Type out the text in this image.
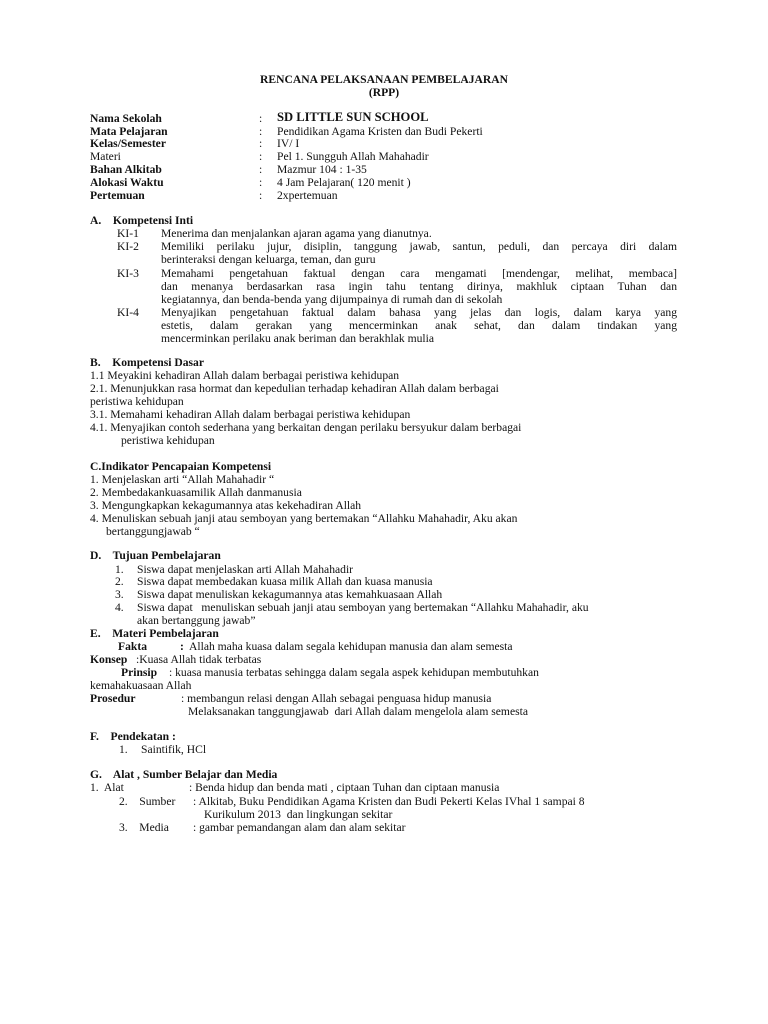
RENCANA PELAKSANAAN PEMBELAJARAN
(RPP)
Nama Sekolah	: SD LITTLE SUN SCHOOL
Mata Pelajaran	: Pendidikan Agama Kristen dan Budi Pekerti
Kelas/Semester	: IV/ I
Materi	: Pel 1. Sungguh Allah Mahahadir
Bahan Alkitab	: Mazmur 104 : 1-35
Alokasi Waktu	: 4 Jam Pelajaran( 120 menit )
Pertemuan	: 2xpertemuan
A.    Kompetensi Inti
KI-1 Menerima dan menjalankan ajaran agama yang dianutnya.
KI-2 Memiliki perilaku jujur, disiplin, tanggung jawab, santun, peduli, dan percaya diri dalam
berinteraksi dengan keluarga, teman, dan guru
KI-3 Memahami pengetahuan faktual dengan cara mengamati [mendengar, melihat, membaca]
dan menanya berdasarkan rasa ingin tahu tentang dirinya, makhluk ciptaan Tuhan dan
kegiatannya, dan benda-benda yang dijumpainya di rumah dan di sekolah
KI-4 Menyajikan pengetahuan faktual dalam bahasa yang jelas dan logis, dalam karya yang
estetis, dalam gerakan yang mencerminkan anak sehat, dan dalam tindakan yang
mencerminkan perilaku anak beriman dan berakhlak mulia
B.    Kompetensi Dasar
1.1 Meyakini kehadiran Allah dalam berbagai peristiwa kehidupan
2.1. Menunjukkan rasa hormat dan kepedulian terhadap kehadiran Allah dalam berbagai
peristiwa kehidupan
3.1. Memahami kehadiran Allah dalam berbagai peristiwa kehidupan
4.1. Menyajikan contoh sederhana yang berkaitan dengan perilaku bersyukur dalam berbagai
peristiwa kehidupan
C.Indikator Pencapaian Kompetensi
1. Menjelaskan arti “Allah Mahahadir “
2. Membedakankuasamilik Allah danmanusia
3. Mengungkapkan kekagumannya atas kekehadiran Allah
4. Menuliskan sebuah janji atau semboyan yang bertemakan “Allahku Mahahadir, Aku akan
bertanggungjawab “
D.    Tujuan Pembelajaran
1. Siswa dapat menjelaskan arti Allah Mahahadir
2. Siswa dapat membedakan kuasa milik Allah dan kuasa manusia
3. Siswa dapat menuliskan kekagumannya atas kemahkuasaan Allah
4. Siswa dapat   menuliskan sebuah janji atau semboyan yang bertemakan “Allahku Mahahadir, aku
akan bertanggung jawab”
E.    Materi Pembelajaran
Fakta	: Allah maha kuasa dalam segala kehidupan manusia dan alam semesta
Konsep :Kuasa Allah tidak terbatas
Prinsip : kuasa manusia terbatas sehingga dalam segala aspek kehidupan membutuhkan
kemahakuasaan Allah
Prosedur	: membangun relasi dengan Allah sebagai penguasa hidup manusia
Melaksanakan tanggungjawab  dari Allah dalam mengelola alam semesta
F.    Pendekatan :
1. Saintifik, HCl
G.    Alat , Sumber Belajar dan Media
1.  Alat	: Benda hidup dan benda mati , ciptaan Tuhan dan ciptaan manusia
2.    Sumber : Alkitab, Buku Pendidikan Agama Kristen dan Budi Pekerti Kelas IVhal 1 sampai 8
Kurikulum 2013  dan lingkungan sekitar
3.    Media : gambar pemandangan alam dan alam sekitar
